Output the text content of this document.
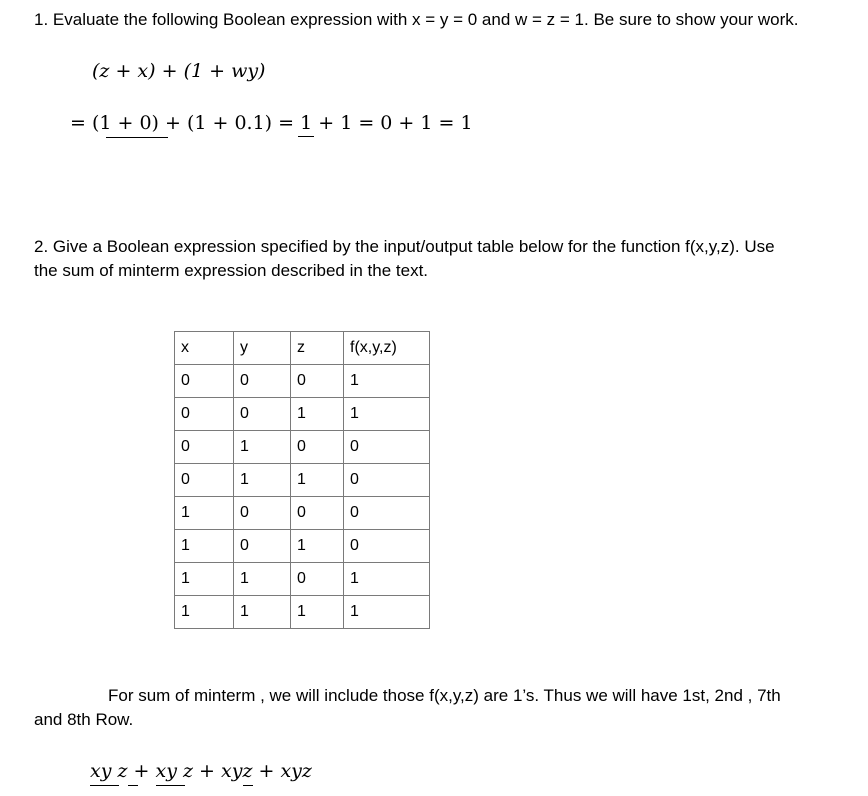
1. Evaluate the following Boolean expression with x = y = 0 and w = z = 1. Be sure to show your work.
(z + x) + (1 + wy)
= (1 + 0) + (1 + 0.1)
= 1
+ 1 = 0 + 1 = 1
2. Give a Boolean expression specified by the input/output table below for the function f(x,y,z). Use
the sum of minterm expression described in the text.
x	y	z	f(x,y,z)
0	0	0	1
0	0	1	1
0	1	0	0
0	1	1	0
1	0	0	0
1	0	1	0
1	1	0	1
1	1	1	1
For sum of minterm , we will include those f(x,y,z) are 1’s. Thus we will have 1st, 2nd , 7th
and 8th Row.
xy z
+ xy z
+ xyz
+ xyz
